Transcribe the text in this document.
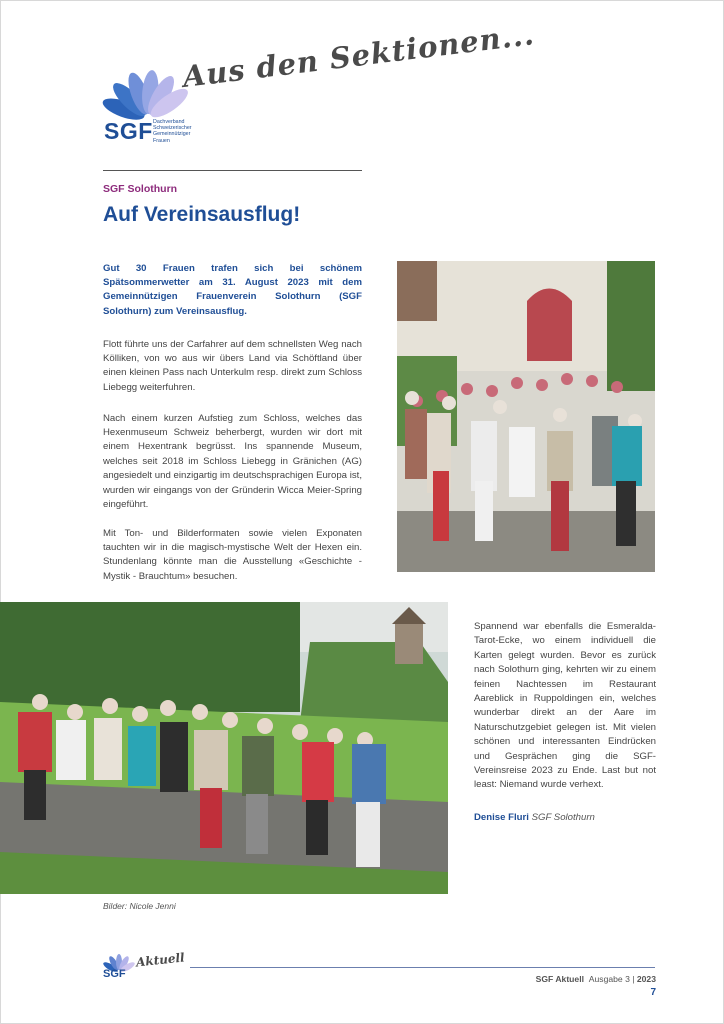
SGF Dachverband
Schweizerischer
Gemeinnütziger
Frauen
Aus den Sektionen...
SGF Solothurn
Auf Vereinsausflug!

Gut 30 Frauen trafen sich bei schönem Spätsommerwetter am 31. August 2023 mit dem Gemeinnützigen Frauenverein Solothurn (SGF Solothurn) zum Vereinsausflug.

Flott führte uns der Carfahrer auf dem schnellsten Weg nach Kölliken, von wo aus wir übers Land via Schöftland über einen kleinen Pass nach Unterkulm resp. direkt zum Schloss Liebegg weiterfuhren.

Nach einem kurzen Aufstieg zum Schloss, welches das Hexenmuseum Schweiz beherbergt, wurden wir dort mit einem Hexentrank begrüsst. Ins spannende Museum, welches seit 2018 im Schloss Liebegg in Gränichen (AG) angesiedelt und einzigartig im deutschsprachigen Europa ist, wurden wir eingangs von der Gründerin Wicca Meier-Spring eingeführt.

Mit Ton- und Bilderformaten sowie vielen Exponaten tauchten wir in die magisch-mystische Welt der Hexen ein. Stundenlang könnte man die Ausstellung «Geschichte - Mystik - Brauchtum» besuchen.

Spannend war ebenfalls die Esmeralda-Tarot-Ecke, wo einem individuell die Karten gelegt wurden. Bevor es zurück nach Solothurn ging, kehrten wir zu einem feinen Nachtessen im Restaurant Aareblick in Ruppoldingen ein, welches wunderbar direkt an der Aare im Naturschutzgebiet gelegen ist. Mit vielen schönen und interessanten Eindrücken und Gesprächen ging die SGF-Vereinsreise 2023 zu Ende. Last but not least: Niemand wurde verhext.

Denise Fluri SGF Solothurn
Bilder: Nicole Jenni
SGF
Aktuell
SGF Aktuell Ausgabe 3 | 2023
7
